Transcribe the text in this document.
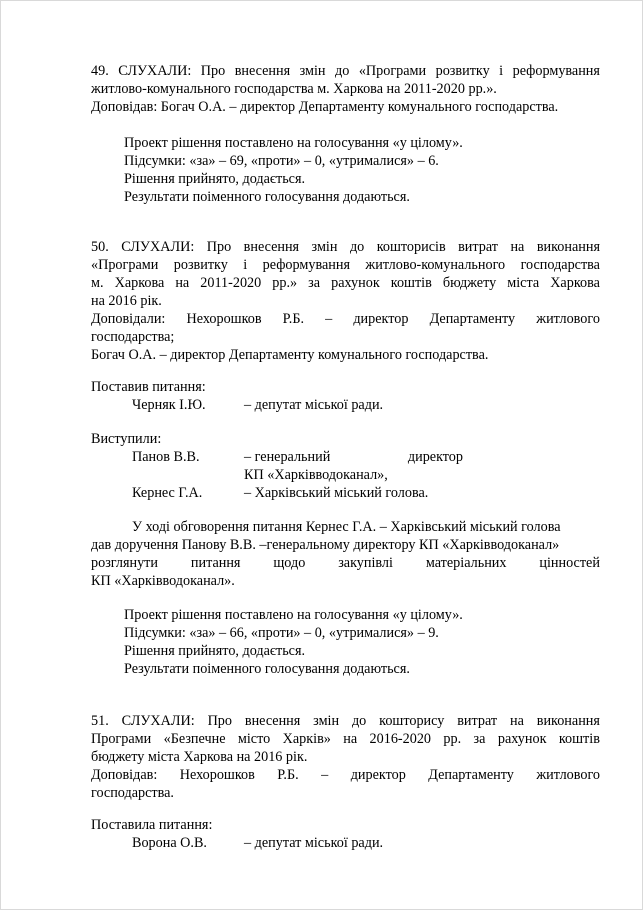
49. СЛУХАЛИ: Про внесення змін до «Програми розвитку і реформування
житлово-комунального господарства м. Харкова на 2011-2020 рр.».
Доповідав: Богач О.А. – директор Департаменту комунального господарства.
Проект рішення поставлено на голосування «у цілому».
Підсумки: «за» – 69, «проти» – 0, «утрималися» – 6.
Рішення прийнято, додається.
Результати поіменного голосування додаються.
50. СЛУХАЛИ: Про внесення змін до кошторисів витрат на виконання
«Програми розвитку і реформування житлово-комунального господарства
м. Харкова на 2011-2020 рр.» за рахунок коштів бюджету міста Харкова
на 2016 рік.
Доповідали: Нехорошков Р.Б. – директор Департаменту житлового
господарства;
Богач О.А. – директор Департаменту комунального господарства.
Поставив питання:
Черняк І.Ю.	– депутат міської ради.
Виступили:
Панов В.В.	– генеральний	директор
КП «Харківводоканал»,
Кернес Г.А.	– Харківський міський голова.
У ході обговорення питання Кернес Г.А. – Харківський міський голова
дав доручення Панову В.В. –генеральному директору КП «Харківводоканал»
розглянути питання щодо закупівлі матеріальних цінностей
КП «Харківводоканал».
Проект рішення поставлено на голосування «у цілому».
Підсумки: «за» – 66, «проти» – 0, «утрималися» – 9.
Рішення прийнято, додається.
Результати поіменного голосування додаються.
51. СЛУХАЛИ: Про внесення змін до кошторису витрат на виконання
Програми «Безпечне місто Харків» на 2016-2020 рр. за рахунок коштів
бюджету міста Харкова на 2016 рік.
Доповідав: Нехорошков Р.Б. – директор Департаменту житлового
господарства.
Поставила питання:
Ворона О.В.	– депутат міської ради.
